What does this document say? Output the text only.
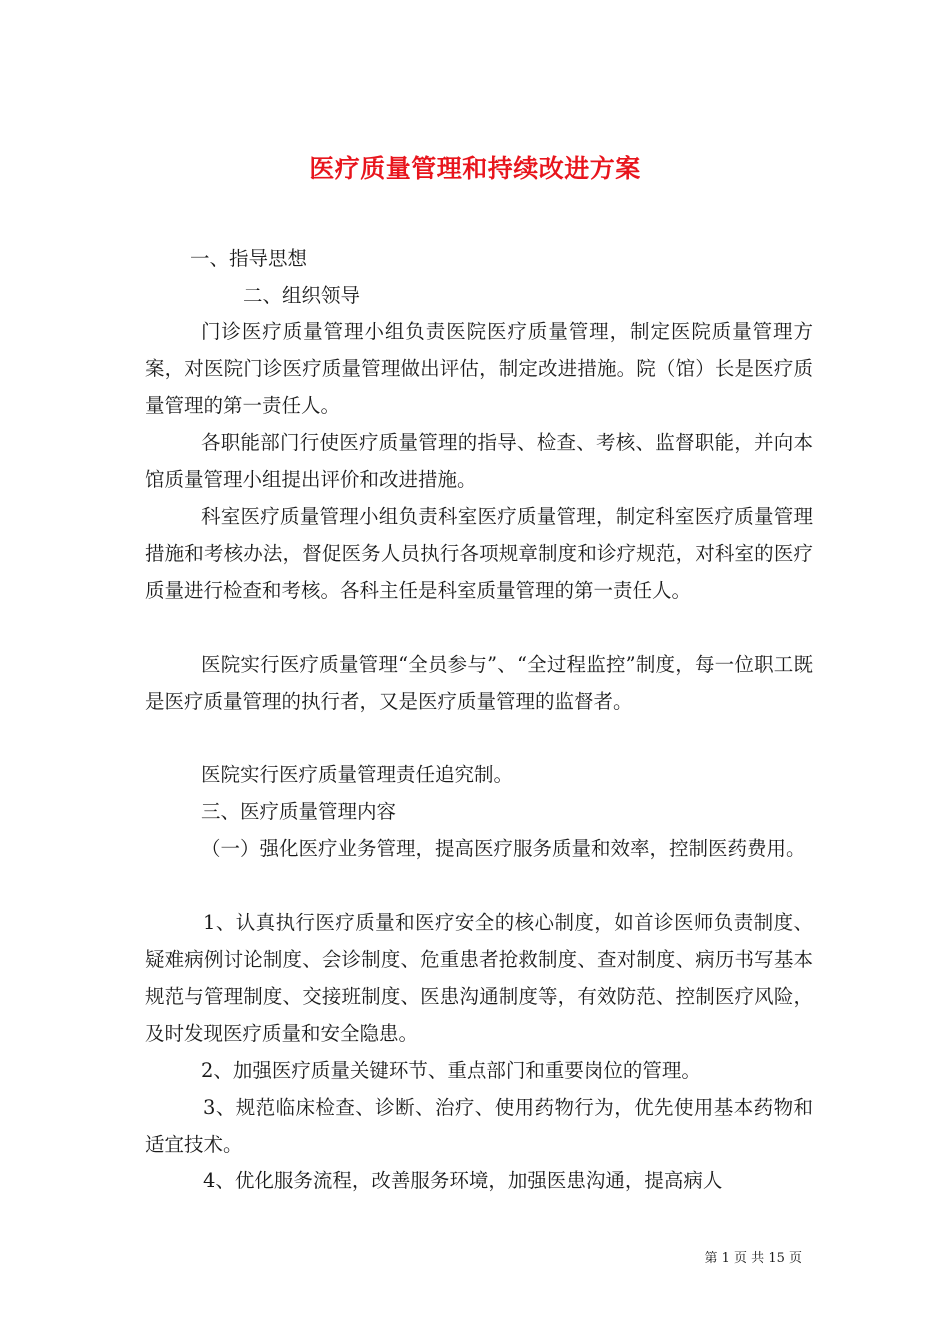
医疗质量管理和持续改进方案

一、指导思想

二、组织领导

门诊医疗质量管理小组负责医院医疗质量管理，制定医院质量管理方案，对医院门诊医疗质量管理做出评估，制定改进措施。院（馆）长是医疗质量管理的第一责任人。

各职能部门行使医疗质量管理的指导、检查、考核、监督职能，并向本馆质量管理小组提出评价和改进措施。

科室医疗质量管理小组负责科室医疗质量管理，制定科室医疗质量管理措施和考核办法，督促医务人员执行各项规章制度和诊疗规范，对科室的医疗质量进行检查和考核。各科主任是科室质量管理的第一责任人。

医院实行医疗质量管理“全员参与”、“全过程监控”制度，每一位职工既是医疗质量管理的执行者，又是医疗质量管理的监督者。

医院实行医疗质量管理责任追究制。

三、医疗质量管理内容

（一）强化医疗业务管理，提高医疗服务质量和效率，控制医药费用。

1、认真执行医疗质量和医疗安全的核心制度，如首诊医师负责制度、疑难病例讨论制度、会诊制度、危重患者抢救制度、查对制度、病历书写基本规范与管理制度、交接班制度、医患沟通制度等，有效防范、控制医疗风险，及时发现医疗质量和安全隐患。

2、加强医疗质量关键环节、重点部门和重要岗位的管理。

3、规范临床检查、诊断、治疗、使用药物行为，优先使用基本药物和适宜技术。

4、优化服务流程，改善服务环境，加强医患沟通，提高病人

第 1 页 共 15 页
